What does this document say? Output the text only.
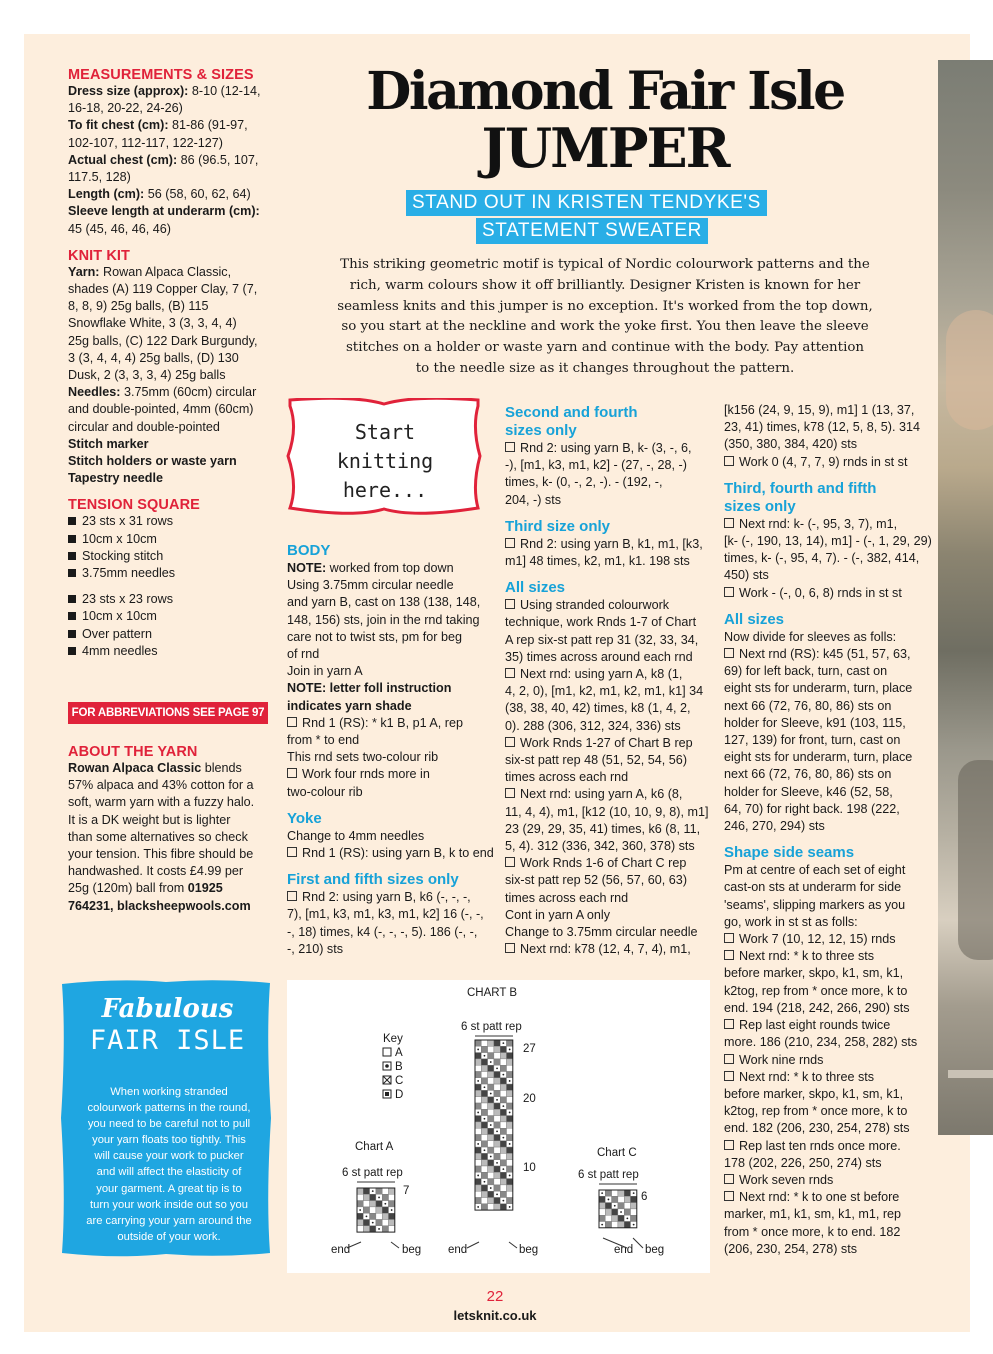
Diamond Fair Isle
JUMPER
STAND OUT IN KRISTEN TENDYKE'S
STATEMENT SWEATER
This striking geometric motif is typical of Nordic colourwork patterns and the
rich, warm colours show it off brilliantly. Designer Kristen is known for her
seamless knits and this jumper is no exception. It's worked from the top down,
so you start at the neckline and work the yoke first. You then leave the sleeve
stitches on a holder or waste yarn and continue with the body. Pay attention
to the needle size as it changes throughout the pattern.
MEASUREMENTS & SIZES
Dress size (approx): 8-10 (12-14,
16-18, 20-22, 24-26)
To fit chest (cm): 81-86 (91-97,
102-107, 112-117, 122-127)
Actual chest (cm): 86 (96.5, 107,
117.5, 128)
Length (cm): 56 (58, 60, 62, 64)
Sleeve length at underarm (cm):
45 (45, 46, 46, 46)
KNIT KIT
Yarn: Rowan Alpaca Classic,
shades (A) 119 Copper Clay, 7 (7,
8, 8, 9) 25g balls, (B) 115
Snowflake White, 3 (3, 3, 4, 4)
25g balls, (C) 122 Dark Burgundy,
3 (3, 4, 4, 4) 25g balls, (D) 130
Dusk, 2 (3, 3, 3, 4) 25g balls
Needles: 3.75mm (60cm) circular
and double-pointed, 4mm (60cm)
circular and double-pointed
Stitch marker
Stitch holders or waste yarn
Tapestry needle
TENSION SQUARE
23 sts x 31 rows
10cm x 10cm
Stocking stitch
3.75mm needles
23 sts x 23 rows
10cm x 10cm
Over pattern
4mm needles
FOR ABBREVIATIONS SEE PAGE 97
ABOUT THE YARN
Rowan Alpaca Classic blends
57% alpaca and 43% cotton for a
soft, warm yarn with a fuzzy halo.
It is a DK weight but is lighter
than some alternatives so check
your tension. This fibre should be
handwashed. It costs £4.99 per
25g (120m) ball from 01925
764231, blacksheepwools.com
Start
knitting
here...
BODY
NOTE: worked from top down
Using 3.75mm circular needle
and yarn B, cast on 138 (138, 148,
148, 156) sts, join in the rnd taking
care not to twist sts, pm for beg
of rnd
Join in yarn A
NOTE: letter foll instruction
indicates yarn shade
Rnd 1 (RS): * k1 B, p1 A, rep
from * to end
This rnd sets two-colour rib
Work four rnds more in
two-colour rib
Yoke
Change to 4mm needles
Rnd 1 (RS): using yarn B, k to end
First and fifth sizes only
Rnd 2: using yarn B, k6 (-, -, -,
7), [m1, k3, m1, k3, m1, k2] 16 (-, -,
-, 18) times, k4 (-, -, -, 5). 186 (-, -,
-, 210) sts
Second and fourth
sizes only
Rnd 2: using yarn B, k- (3, -, 6,
-), [m1, k3, m1, k2] - (27, -, 28, -)
times, k- (0, -, 2, -). - (192, -,
204, -) sts
Third size only
Rnd 2: using yarn B, k1, m1, [k3,
m1] 48 times, k2, m1, k1. 198 sts
All sizes
Using stranded colourwork
technique, work Rnds 1-7 of Chart
A rep six-st patt rep 31 (32, 33, 34,
35) times across around each rnd
Next rnd: using yarn A, k8 (1,
4, 2, 0), [m1, k2, m1, k2, m1, k1] 34
(38, 38, 40, 42) times, k8 (1, 4, 2,
0). 288 (306, 312, 324, 336) sts
Work Rnds 1-27 of Chart B rep
six-st patt rep 48 (51, 52, 54, 56)
times across each rnd
Next rnd: using yarn A, k6 (8,
11, 4, 4), m1, [k12 (10, 10, 9, 8), m1]
23 (29, 29, 35, 41) times, k6 (8, 11,
5, 4). 312 (336, 342, 360, 378) sts
Work Rnds 1-6 of Chart C rep
six-st patt rep 52 (56, 57, 60, 63)
times across each rnd
Cont in yarn A only
Change to 3.75mm circular needle
Next rnd: k78 (12, 4, 7, 4), m1,
[k156 (24, 9, 15, 9), m1] 1 (13, 37,
23, 41) times, k78 (12, 5, 8, 5). 314
(350, 380, 384, 420) sts
Work 0 (4, 7, 7, 9) rnds in st st
Third, fourth and fifth
sizes only
Next rnd: k- (-, 95, 3, 7), m1,
[k- (-, 190, 13, 14), m1] - (-, 1, 29, 29)
times, k- (-, 95, 4, 7). - (-, 382, 414,
450) sts
Work - (-, 0, 6, 8) rnds in st st
All sizes
Now divide for sleeves as folls:
Next rnd (RS): k45 (51, 57, 63,
69) for left back, turn, cast on
eight sts for underarm, turn, place
next 66 (72, 76, 80, 86) sts on
holder for Sleeve, k91 (103, 115,
127, 139) for front, turn, cast on
eight sts for underarm, turn, place
next 66 (72, 76, 80, 86) sts on
holder for Sleeve, k46 (52, 58,
64, 70) for right back. 198 (222,
246, 270, 294) sts
Shape side seams
Pm at centre of each set of eight
cast-on sts at underarm for side
'seams', slipping markers as you
go, work in st st as folls:
Work 7 (10, 12, 12, 15) rnds
Next rnd: * k to three sts
before marker, skpo, k1, sm, k1,
k2tog, rep from * once more, k to
end. 194 (218, 242, 266, 290) sts
Rep last eight rounds twice
more. 186 (210, 234, 258, 282) sts
Work nine rnds
Next rnd: * k to three sts
before marker, skpo, k1, sm, k1,
k2tog, rep from * once more, k to
end. 182 (206, 230, 254, 278) sts
Rep last ten rnds once more.
178 (202, 226, 250, 274) sts
Work seven rnds
Next rnd: * k to one st before
marker, m1, k1, sm, k1, m1, rep
from * once more, k to end. 182
(206, 230, 254, 278) sts
Fabulous
FAIR ISLE
When working stranded
colourwork patterns in the round,
you need to be careful not to pull
your yarn floats too tightly. This
will cause your work to pucker
and will affect the elasticity of
your garment. A great tip is to
turn your work inside out so you
are carrying your yarn around the
outside of your work.
CHART B
Key
A
B
C
D
6 st patt rep
27
20
10
end	beg
Chart A
6 st patt rep
7
end	beg
Chart C
6 st patt rep
6
end beg
22
letsknit.co.uk
